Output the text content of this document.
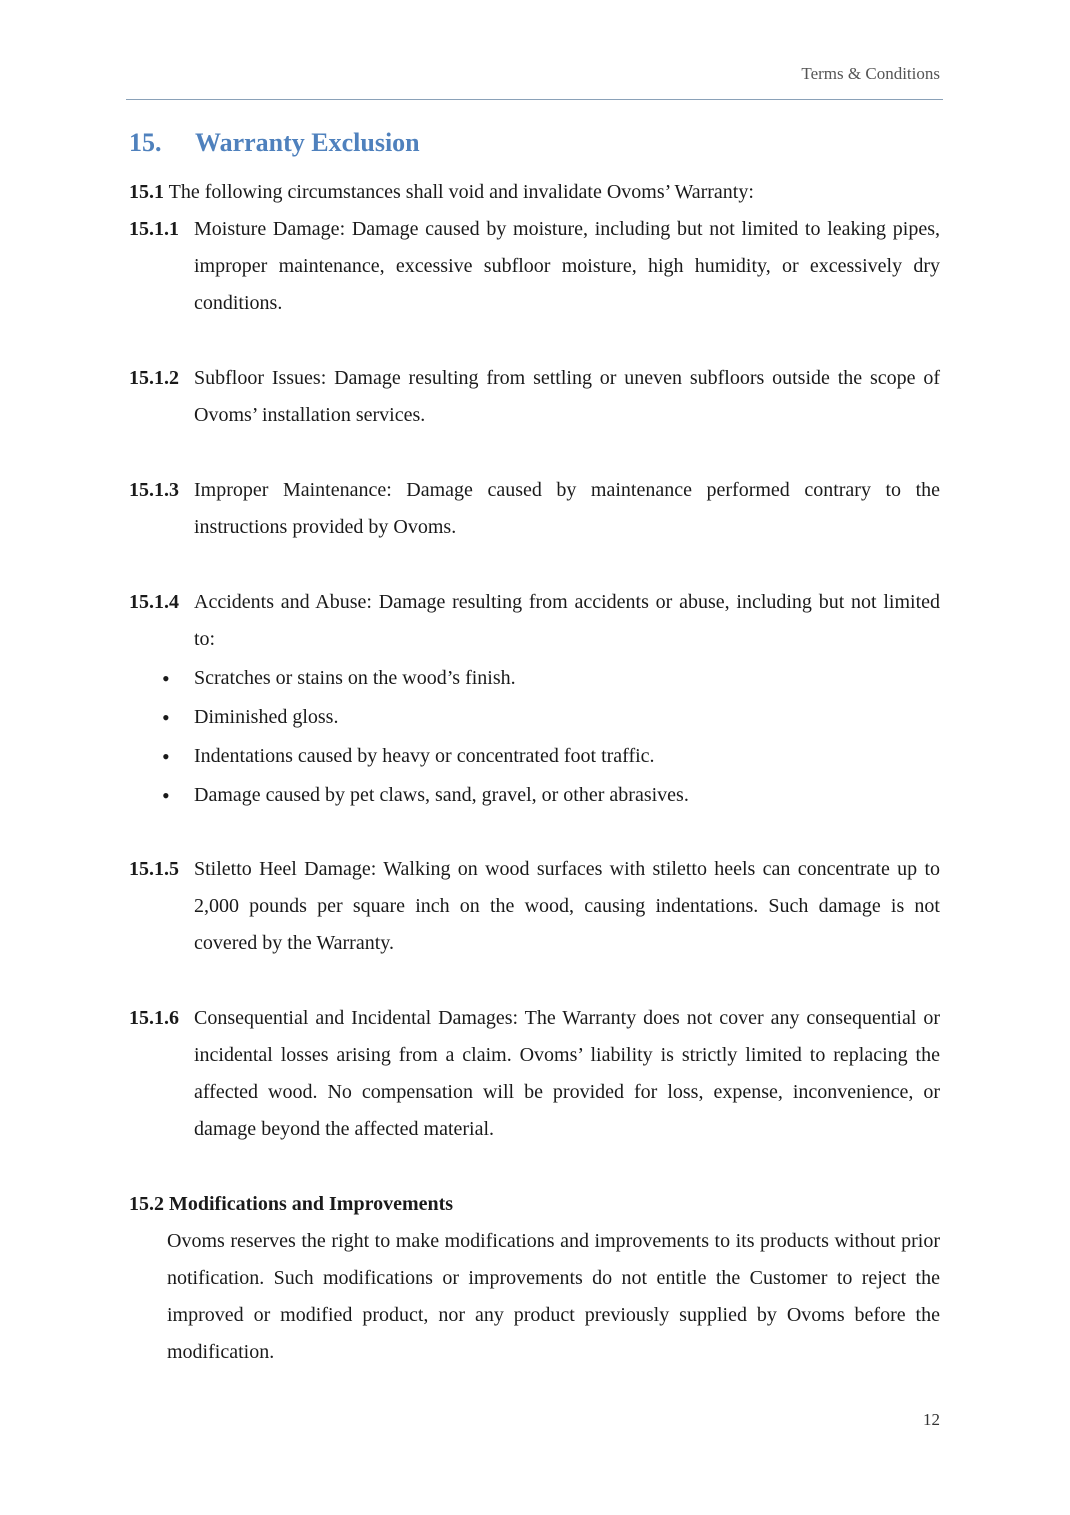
Terms & Conditions
15. Warranty Exclusion
15.1 The following circumstances shall void and invalidate Ovoms’ Warranty:
15.1.1 Moisture Damage: Damage caused by moisture, including but not limited to leaking pipes, improper maintenance, excessive subfloor moisture, high humidity, or excessively dry conditions.
15.1.2 Subfloor Issues: Damage resulting from settling or uneven subfloors outside the scope of Ovoms’ installation services.
15.1.3 Improper Maintenance: Damage caused by maintenance performed contrary to the instructions provided by Ovoms.
15.1.4 Accidents and Abuse: Damage resulting from accidents or abuse, including but not limited to:
• Scratches or stains on the wood’s finish.
• Diminished gloss.
• Indentations caused by heavy or concentrated foot traffic.
• Damage caused by pet claws, sand, gravel, or other abrasives.
15.1.5 Stiletto Heel Damage: Walking on wood surfaces with stiletto heels can concentrate up to 2,000 pounds per square inch on the wood, causing indentations. Such damage is not covered by the Warranty.
15.1.6 Consequential and Incidental Damages: The Warranty does not cover any consequential or incidental losses arising from a claim. Ovoms’ liability is strictly limited to replacing the affected wood. No compensation will be provided for loss, expense, inconvenience, or damage beyond the affected material.
15.2 Modifications and Improvements
Ovoms reserves the right to make modifications and improvements to its products without prior notification. Such modifications or improvements do not entitle the Customer to reject the improved or modified product, nor any product previously supplied by Ovoms before the modification.
12
